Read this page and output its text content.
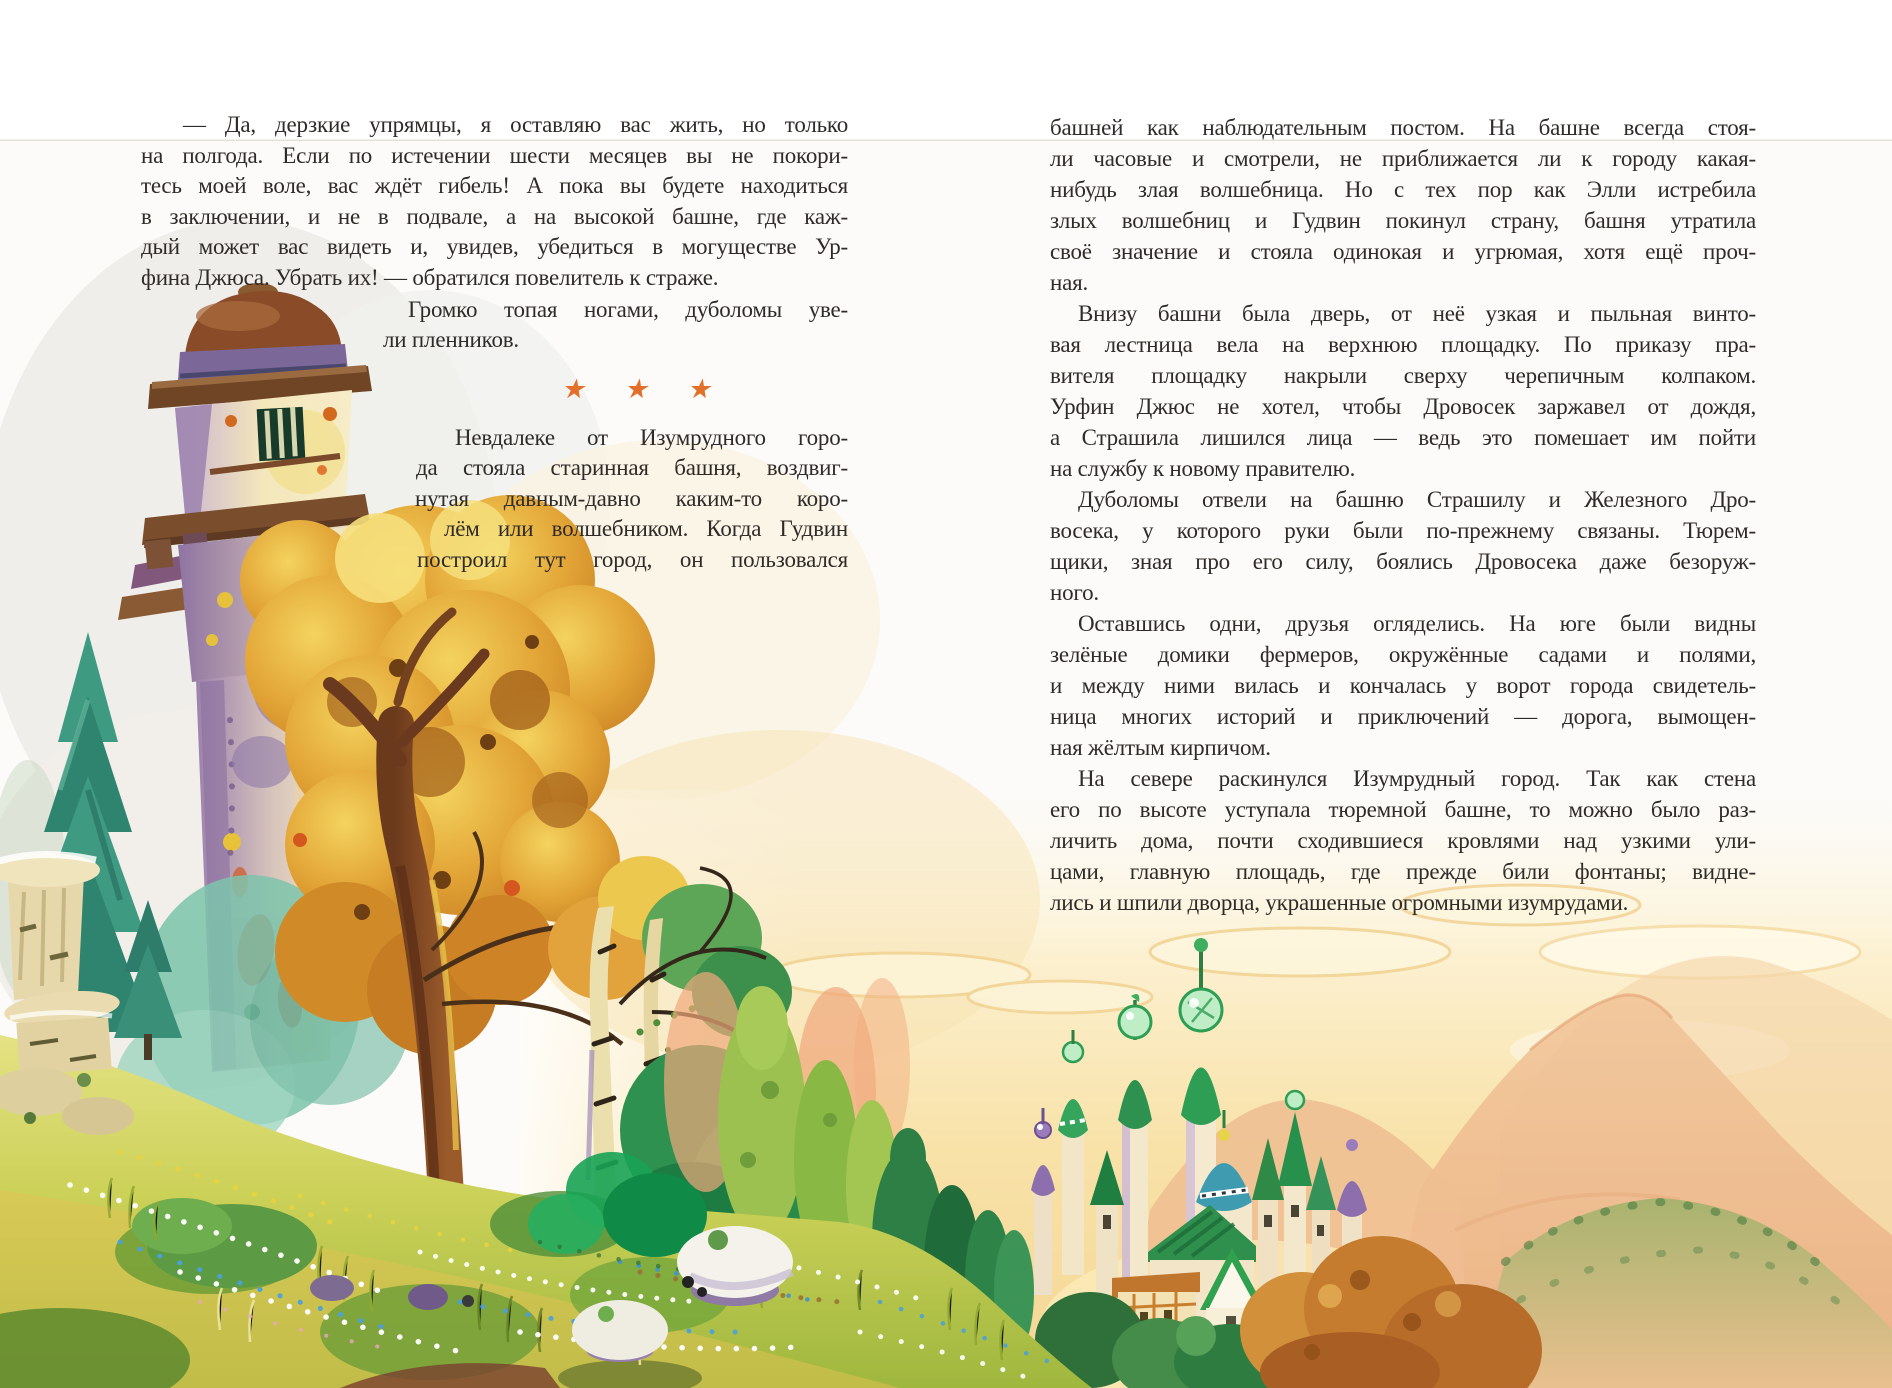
— Да, дерзкие упрямцы, я оставляю вас жить, но только
на полгода. Если по истечении шести месяцев вы не покори-
тесь моей воле, вас ждёт гибель! А пока вы будете находиться
в заключении, и не в подвале, а на высокой башне, где каж-
дый может вас видеть и, увидев, убедиться в могуществе Ур-
фина Джюса. Убрать их! — обратился повелитель к страже.
Громко топая ногами, дуболомы уве-
ли пленников.
★ ★ ★
Невдалеке от Изумрудного горо-
да стояла старинная башня, воздвиг-
нутая давным-давно каким-то коро-
лём или волшебником. Когда Гудвин
построил тут город, он пользовался
башней как наблюдательным постом. На башне всегда стоя-
ли часовые и смотрели, не приближается ли к городу какая-
нибудь злая волшебница. Но с тех пор как Элли истребила
злых волшебниц и Гудвин покинул страну, башня утратила
своё значение и стояла одинокая и угрюмая, хотя ещё проч-
ная.
Внизу башни была дверь, от неё узкая и пыльная винто-
вая лестница вела на верхнюю площадку. По приказу пра-
вителя площадку накрыли сверху черепичным колпаком.
Урфин Джюс не хотел, чтобы Дровосек заржавел от дождя,
а Страшила лишился лица — ведь это помешает им пойти
на службу к новому правителю.
Дуболомы отвели на башню Страшилу и Железного Дро-
восека, у которого руки были по-прежнему связаны. Тюрем-
щики, зная про его силу, боялись Дровосека даже безоруж-
ного.
Оставшись одни, друзья огляделись. На юге были видны
зелёные домики фермеров, окружённые садами и полями,
и между ними вилась и кончалась у ворот города свидетель-
ница многих историй и приключений — дорога, вымощен-
ная жёлтым кирпичом.
На севере раскинулся Изумрудный город. Так как стена
его по высоте уступала тюремной башне, то можно было раз-
личить дома, почти сходившиеся кровлями над узкими ули-
цами, главную площадь, где прежде били фонтаны; видне-
лись и шпили дворца, украшенные огромными изумрудами.
